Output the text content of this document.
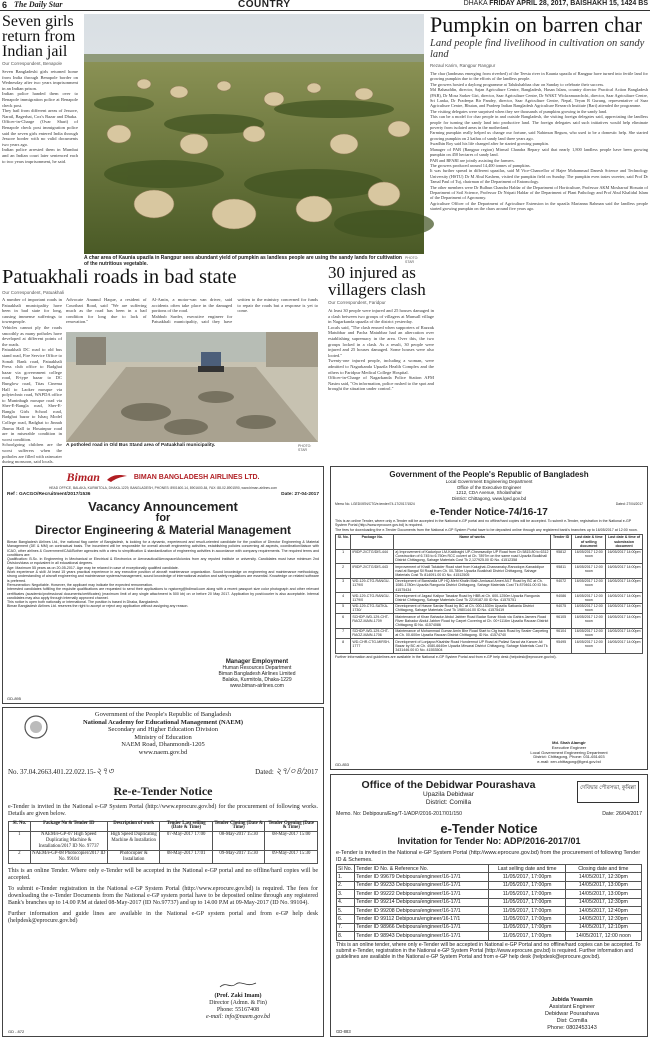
6 The Daily Star	COUNTRY	DHAKA FRIDAY APRIL 28, 2017, BAISHAKH 15, 1424 BS
Seven girls return from Indian jail
Our Correspondent, Benapole

Seven Bangladeshi girls returned home from India through Benapole border on Wednesday after two years imprisonment in an Indian prison.

Indian police handed them over to Benapole immigration police at Benapole check post.

They hail from different areas of Jessore, Narail, Bagerhat, Cox's Bazar and Dhaka.

Officer-in-Charge (Ovar Shari) of Benapole check post immigration police said the seven girls entered India through Jessore border with no valid documents two years ago.

Indian police arrested them in Mumbai and an Indian court later sentenced each to two years imprisonment, he said.

A char area of Kaunia upazila in Rangpur sees abundant yield of pumpkin as landless people are using the sandy lands for cultivation of the nutritious vegetable.
PHOTO: STAR
Pumpkin on barren char
Land people find livelihood in cultivation on sandy land
Rezaul Karim, Rangpur Rangpur

The char (landmass emerging from riverbed) of the Teesta river in Kaunia upazila of Rangpur have turned into fertile land for growing pumpkin due to the efforts of the landless people.

The growers hosted a daylong programme at Talukshahbaz char on Sunday to celebrate their success.

Md Bahauddin, director, Sajan Agriculture Centre, Bangladesh, Hasan Islam, country director Practical Action Bangladesh (PAB), Dr Mosa Sarker Giri, director, Saar Agriculture Centre, Dr WAKT Wickramarachchi, director, Saar Agriculture Centre, Sri Lanka, Dr Pradeepa Bir Pandey, director, Saar Agriculture Centre, Nepal, Teyan R Gurung, representative of Saar Agriculture Centre, Bhutan, and Pradeep Indian Bangladesh Agriculture Research Institute (Bari) attended the programme.

The visiting delegates were surprised when they see thousands of pumpkins growing in the sandy land.

This can be a model for char people in and outside Bangladesh, the visiting foreign delegates said, appreciating the landless people for turning the sandy land into productive land. The foreign delegates said such initiatives would help eliminate poverty from isolated areas in the motherland.

Farming pumpkin really helped us change our fortune, said Nahimun Begum, who used to be a domestic help. She started growing pumpkin on 2 kathas of sandy land three years ago.

Swadhin Roy said his life changed after he started growing pumpkin.

Manager of PAB (Rangpur region) Mirmal Chandra Bepary said that nearly 1,800 landless people have been growing pumpkin on 450 hectares of sandy land.

PAB and BFARI are jointly assisting the farmers.

The growers produced around 14,400 tonnes of pumpkins.

It was further spread in different upazilas, said M Vice-Chancellor of Hajee Mohammad Danesh Science and Technology University (HSTU) Dr M Abul Kashem, visited the pumpkin field on Sunday. The pumpkin even tastes sweeter, said Prof Dr Tamal Paul of Tuj, chairman of the Department of Entomology.

The other members were Dr Bulbun Chandra Haldar of the Department of Horticulture, Professor AKM Mosharraf Hossain of Department of Soil Science, Professor Dr Nripati Haldar of the Department of Plant Pathology and Prof Abul Khalidul Islam of the Department of Agronomy.

Agriculture Officer of the Department of Agriculture Extension in the upazila Marianna Rahman said the landless people started growing pumpkin on the chars around five years ago.

Patuakhali roads in bad state
Our Correspondent, Patuakhali

A number of important roads in Patuakhali municipality have been in bad state for long, causing immense sufferings to townspeople.

Vehicles cannot ply the roads smoothly as many potholes have developed at different points of the roads.

Patuakhali DC road to old bus stand road, Fire Service Office to Sonali Bank road, Patuakhali Press club office to Badghat bazar via government college road, B-type bazar to DC Bunglow road, Titas Cinema Hall to Laoker mosque via polytechnic road, WAPDA office to Muninbagh mosque road via Sher-E-Bangla road, Sher-E-Bangla Girls School road, Badghat bazar to Ishaq Model College road, Badghat to Jinnah Jhuma Hall to Hosainpur road are in miserable condition in worst condition.

Schoolgoing children are the worst sufferers when the potholes are filled with rainwater during monsoon, said locals.

Advocate Anamul Haque, a resident of Courtbari Road, said "We are suffering much as the road has been in a bad condition for long due to lack of renovation."

Al-Amin, a motor-van van driver, said accidents often take place in the damaged portions of the road.

Mahbub Sarder, executive engineer for Patuakhali municipality, said they have written to the ministry concerned for funds to repair the roads but a response is yet to come.

A potholed road in Old Bus Stand area of Patuakhali municipality.	PHOTO: STAR
30 injured as villagers clash
Our Correspondent, Faridpur

At least 30 people were injured and 25 houses damaged in a clash between two groups of villagers at Munsall village in Nagarkanda upazila of the district yesterday.

Locals said, "The clash ensued when supporters of Razzak Matubbar and Pacha Matubbar had an altercation over establishing supremacy in the area. Over this, the two groups locked in a clash. As a result, 30 people were injured and 25 houses damaged. Some houses were also looted."

Twenty-one injured people, including a woman, were admitted to Nagarkanda Upazila Health Complex and the others to Faridpur Medical College Hospital.

Officer-in-Charge of Nagarkanda Police Station AFM Nasim said, "On information, police rushed to the spot and brought the situation under control."

Biman	BIMAN BANGLADESH AIRLINES LTD.
HEAD OFFICE, BALAKA, KURMITOLA, DHAKA-1229, BANGLADESH, PHONES: 8901600-14, 8901600-84, FAX: 88-02-8901590, www.biman-airlines.com
Ref : GACGO/Recruitment/2017/1536	Date: 27-04-2017
Vacancy Announcement
for
Director Engineering & Material Management

Biman Bangladesh Airlines Ltd., the national flag carrier of Bangladesh, is looking for a dynamic, experienced and result-oriented candidate for the position of Director Engineering & Material Management (DE & MM) on contractual basis. The incumbent will be responsible for overall aircraft engineering activities, establishing policies concerning all aspects, coordination/liaison with ICAO, other airlines & Government/CAA/Bother agencies with a view to simplification & standardization of engineering activities in accordance with company requirements. The required terms and conditions are:

Qualification: B.Sc. in Engineering in Mechanical or Electrical & Electronics or Aeronautical/Aerospace/Avionics from any reputed institute or university. Candidates must have minimum 2nd Division/class or equivalent in all educational degrees.

Age: Maximum 55 years as on 20-05-2017. Age may be relaxed in case of exceptionally qualified candidate.

Work experience & skill: At least 15 years practical experience in any executive position of aircraft maintenance organization. Sound knowledge on engineering and maintenance methodology, strong understanding of aircraft engineering and maintenance systems/management, sound knowledge of international aviation and safety regulations are essential. Knowledge on related software is preferred.

Remuneration: Negotiable. However, the applicant may indicate the expected remuneration.

Interested candidates fulfilling the requisite qualifications are requested to send their applications to ngstoreg@bdimail.com along with a recent passport size color photograph and other relevant certificates (academic/professional documents/certificates) (maximum limit of any single attachment is 500 kb) on or before 20 May 2017. Application by post/courier is also acceptable. Internal candidates may also apply through internally approved channel.

This notice is open both nationally or international. The position is based in Dhaka, Bangladesh.

Biman Bangladesh Airlines Ltd. reserves the right to accept or reject any application without assigning any reason.

Manager Employment
Human Resources Department
Biman Bangladesh Airlines Limited
Balaka, Kurmitola, Dhaka-1229
www.biman-airlines.com
GD-895
Government of the People's Republic of Bangladesh
National Academy for Educational Management (NAEM)
Secondary and Higher Education Division
Ministry of Education
NAEM Road, Dhanmondi-1205
www.naem.gov.bd
No. 37.04.2663.401.22.022.15-২৭৩	Dated: ২৭/০৪/2017
Re-e-Tender Notice
e-Tender is invited in the National e-GP System Portal (http://www.eprocure.gov.bd) for the procurement of following works. Details are given below.
Sl. No.	Package No & Tender ID	Description of work	Tender Last selling (Date & Time)	Tender Closing (Date & Time)	Tender Opening (Date & Time)
1	NAEM/e-GP-07 High Speed Duplicating Machine & Installation/2017 ID No. 97737	High Speed Duplicating Machine & Installation	07-May-2017 17:00	08-May-2017 15:30	08-May-2017 15:00
2	NAEM/e-GP-08 Photocopier/2017 ID No. 99104	Photocopier & Installation	08-May-2017 17:01	09-May-2017 15:30	09-May-2017 15:30
This is an online Tender. Where only e-Tender will be accepted in the National e-GP portal and no offline/hard copies will be accepted.
To submit e-Tender registration in the National e-GP System Portal (http://www.eprocure.gov.bd) is required. The fees for downloading the e-Tender Documents from the National e-GP system portal have to be deposited online through any registered Bank's branches up to 14.00 P.M at dated 08-May-2017 (ID No.97737) and up to 14.00 P.M at 09-May-2017 (ID No. 99104).
Further information and guide lines are available in the National e-GP system portal and from e-GP help desk (helpdesk@eprocure.gov.bd)
(Prof. Zaki Imam)
Director (Admn. & Fin)
Phone: 55167408
e-mail: info@naem.gov.bd
GD - 872
Government of the People's Republic of Bangladesh
Local Government Engineering Department
Office of the Executive Engineer
1212, CDA Avenue, Sholashahar
District: Chittagong, www.lged.gov.bd
Memo No. LGED/XEN/CTG/e-tender/74-17/2017/1524	Dated: 27/04/2017
e-Tender Notice-74/16-17
This is an online Tender, where only e-Tender will be accepted in the National e-GP portal and no offline/hard copies will be accepted. To submit e-Tender, registration in the National e-GP System Portal (http://www.eprocure.gov.bd) is required.
The fees for downloading the e-Tender Documents from the National e-GP System Portal have to be deposited online through any registered bank's branches up to 16/05/2017 at 12:00 noon.
Sl. No.	Package No.	Name of works	Tender ID	Last date & time of selling document	Last date & time of submission document
1	IRIDP-2/CTG/DIS-444	a) Improvement of Kaduripur LM-Kaldiraghi UP-Chewsavdipr UP Road from Ch 5815.80 to 6312 Construction of 6.745 to 6.750m RCC culvert at Ch. 7897m on the same road Upazila Boalkhali District Chittagong, Sahage Materials Cost Tk 2,127925.00 ID No. 41512358	95812	16/05/2017 12:00 noon	16/05/2017 14:00pm
2	IRIDP-2/CTG/DIS-443	Improvement of Khalil Talukder Road start from Kaiughat-Chawranaky-Ranodope-Kanaddipur road at Bangal Sil Road from Ch. 00-780m Upazila Boalkhali District Chittagong, Sahage Materials Cost Tk 814091.00 ID No. 41512505	95811	16/05/2017 12:00 noon	16/05/2017 14:00pm
3	WD-129-CTG-RANGU-1179/0	Development of Banshalla UP HQ-Mehi Khalin Maih-Amicaud Ameri Ali-T Road by BC at Ch. 1080-1780m Upazila Rangunia District Chittagong, Sahage Materials Cost Tk 879461.00 ID No. 41575434	94072	16/05/2017 12:00 noon	16/05/2017 14:00pm
4	WD-129-CTG-RANGU-1179/0	Development of Jagaul Kalipur Tasakar Road by HBB at Ch. 600-1250m Upazila Rangunia District Chittagong, Sahage Materials Cost Tk 2219187.00 ID No. 41575751	94086	16/05/2017 12:00 noon	16/05/2017 14:00pm
5	WD-129-CTG-SATKA-1730/	Development of Hasne Sardar Road by BC at Ch. 000-1530m Upazila Satkania District Chittagong, Sahage Materials Cost Tk 1980144.00 ID No. 41575419	94075	16/05/2017 12:00 noon	16/05/2017 14:00pm
6	SCHDP-WD-129-CHT-RAOZ-MAIN-1709	Maintenance of Khan Bahadur Abdul Jabber Road Badar Sonar Mock via Gahira Jamers Road River Bahadur Abdul Jabber Road by Carpet Covering at Ch. 00+1116m Upazila Raozan District Chittagong ID No. 41574086	96105	16/05/2017 12:00 noon	16/05/2017 14:00pm
7	SCHDP-WD-129-CHT-RAOZ-MAIN-1706	Maintenance of Mohammad Gumar Amin Bhe Road Start to Ctg track Road by Sealer Carpeting at Ch. 00-600m Upazila Raozan District Chittagong. ID No. 41574740	96104	16/05/2017 12:00 noon	16/05/2017 14:00pm
8	WD-CHR-CTG-MIRSH-1777	Development of Lonjapur/Kisahfar Road Hundermut UP Road at Pallavi Sarad via Kancer Ali Bazar by BC at Ch. 4080-6640m Upazila Mirsarai District Chittagong, Sahage Materials Cost Tk 3431446.00 ID No. 41553504	95495	16/05/2017 12:00 noon	16/05/2017 14:00pm
Further information and guidelines are available in the National e-GP System Portal and from e-GP help desk (helpdesk@eprocure.gov.bd).
Md. Shah Alamgir
Executive Engineer
Local Government Engineering Department
District: Chittagong, Phone: 031-651403
e-mail: xen.chittagong@lged.gov.bd
GD-853
Office of the Debidwar Pourashava
Upazila Debidwar
District: Comilla
দেবিদ্বার পৌরসভা, কুমিল্লা
Memo. No: Debipoura/Eng/T-1/ADP/2016-2017/01/150	Date: 26/04/2017
e-Tender Notice
Invitation for Tender No: ADP/2016-2017/01
e-Tender is invited in the National e-GP System Portal (http://www.eprocure.gov.bd) from the procurement of following Tender ID & Schemes.
Sl No.	Tender ID No. & Reference No.	Last selling date and time	Closing date and time
1.	Tender ID 99679 Debipoura/engineer/16-17/1	11/05/2017, 17:00pm	14/05/2017, 12:30pm
2.	Tender ID 99233 Debipoura/engineer/16-17/1	11/05/2017, 17:00pm	14/05/2017, 13:00pm
3.	Tender ID 99222 Debipoura/engineer/16-17/1	11/05/2017, 17:00pm	14/05/2017, 13:00pm
4.	Tender ID 99214 Debipoura/engineer/16-17/1	11/05/2017, 17:00pm	14/05/2017, 12:30pm
5.	Tender ID 99208 Debipoura/engineer/16-17/1	11/05/2017, 17:00pm	14/05/2017, 12:40pm
6.	Tender ID 99112 Debipoura/engineer/16-17/1	11/05/2017, 17:00pm	14/05/2017, 12:30pm
7.	Tender ID 98966 Debipoura/engineer/16-17/1	11/05/2017, 17:00pm	14/05/2017, 12:10pm
8.	Tender ID 98943 Debipoura/engineer/16-17/1	11/05/2017, 17:00pm	14/05/2017, 12:00 noon
This is an online tender, where only e-Tender will be accepted in National e-GP Portal and no offline/hard copies can be accepted. To submit e-Tender, registration in the National e-GP System Portal (http://www.eprocure.gov.bd) is required. Further information and guidelines are available in the National e-GP System Portal and from e-GP help desk (helpdesk@eprocure.gov.bd).
Jubida Yeasmin
Assistant Engineer
Debidwar Pourashava
Dist: Comilla
Phone: 0802453143
GD-883
